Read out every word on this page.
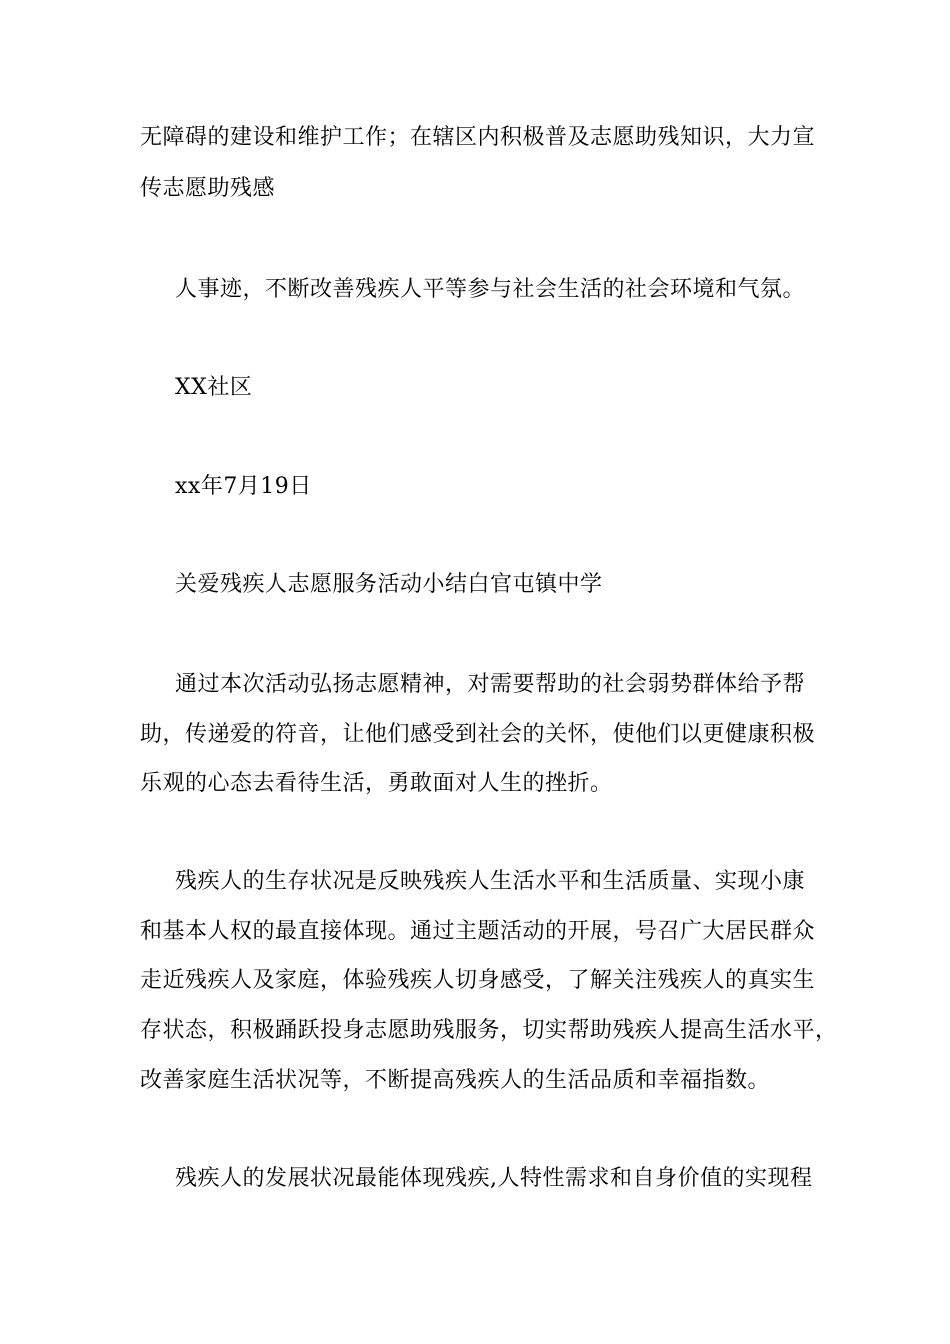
无障碍的建设和维护工作；在辖区内积极普及志愿助残知识，大力宣
传志愿助残感
人事迹，不断改善残疾人平等参与社会生活的社会环境和气氛。
XX社区
xx年7月19日
关爱残疾人志愿服务活动小结白官屯镇中学
通过本次活动弘扬志愿精神，对需要帮助的社会弱势群体给予帮
助，传递爱的符音，让他们感受到社会的关怀，使他们以更健康积极
乐观的心态去看待生活，勇敢面对人生的挫折。
残疾人的生存状况是反映残疾人生活水平和生活质量、实现小康
和基本人权的最直接体现。通过主题活动的开展，号召广大居民群众
走近残疾人及家庭，体验残疾人切身感受，了解关注残疾人的真实生
存状态，积极踊跃投身志愿助残服务，切实帮助残疾人提高生活水平，
改善家庭生活状况等，不断提高残疾人的生活品质和幸福指数。
残疾人的发展状况最能体现残疾,人特性需求和自身价值的实现程
